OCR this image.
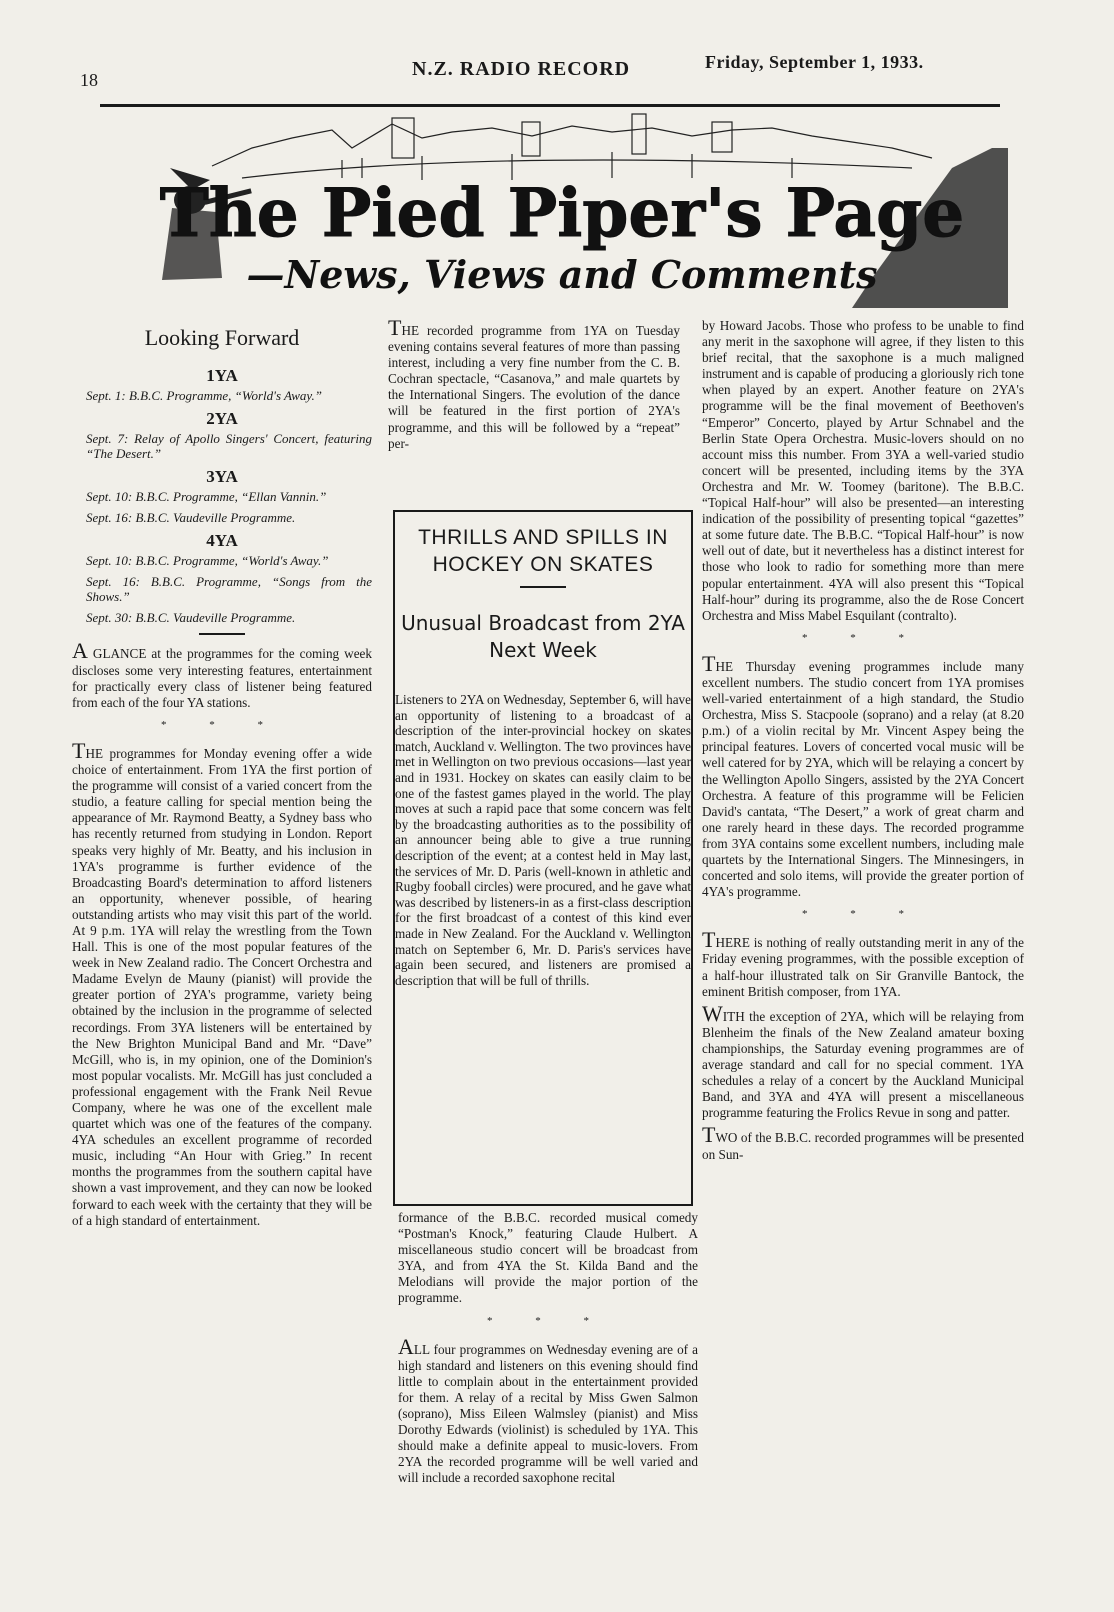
18	N.Z. RADIO RECORD	Friday, September 1, 1933.
The Pied Piper's Page
—News, Views and Comments
Looking Forward
1YA

Sept. 1: B.B.C. Programme, “World's Away.”

2YA

Sept. 7: Relay of Apollo Singers' Concert, featuring “The Desert.”

3YA

Sept. 10: B.B.C. Programme, “Ellan Vannin.”

Sept. 16: B.B.C. Vaudeville Programme.

4YA

Sept. 10: B.B.C. Programme, “World's Away.”

Sept. 16: B.B.C. Programme, “Songs from the Shows.”

Sept. 30: B.B.C. Vaudeville Programme.

A GLANCE at the programmes for the coming week discloses some very interesting features, entertainment for practically every class of listener being featured from each of the four YA stations.

* * *

THE programmes for Monday evening offer a wide choice of entertainment. From 1YA the first portion of the programme will consist of a varied concert from the studio, a feature calling for special mention being the appearance of Mr. Raymond Beatty, a Sydney bass who has recently returned from studying in London. Report speaks very highly of Mr. Beatty, and his inclusion in 1YA's programme is further evidence of the Broadcasting Board's determination to afford listeners an opportunity, whenever possible, of hearing outstanding artists who may visit this part of the world. At 9 p.m. 1YA will relay the wrestling from the Town Hall. This is one of the most popular features of the week in New Zealand radio. The Concert Orchestra and Madame Evelyn de Mauny (pianist) will provide the greater portion of 2YA's programme, variety being obtained by the inclusion in the programme of selected recordings. From 3YA listeners will be entertained by the New Brighton Municipal Band and Mr. “Dave” McGill, who is, in my opinion, one of the Dominion's most popular vocalists. Mr. McGill has just concluded a professional engagement with the Frank Neil Revue Company, where he was one of the excellent male quartet which was one of the features of the company. 4YA schedules an excellent programme of recorded music, including “An Hour with Grieg.” In recent months the programmes from the southern capital have shown a vast improvement, and they can now be looked forward to each week with the certainty that they will be of a high standard of entertainment.

THE recorded programme from 1YA on Tuesday evening contains several features of more than passing interest, including a very fine number from the C. B. Cochran spectacle, “Casanova,” and male quartets by the International Singers. The evolution of the dance will be featured in the first portion of 2YA's programme, and this will be followed by a “repeat” per-

THRILLS AND SPILLS IN HOCKEY ON SKATES
Unusual Broadcast from 2YA Next Week

Listeners to 2YA on Wednesday, September 6, will have an opportunity of listening to a broadcast of a description of the inter-provincial hockey on skates match, Auckland v. Wellington. The two provinces have met in Wellington on two previous occasions—last year and in 1931. Hockey on skates can easily claim to be one of the fastest games played in the world. The play moves at such a rapid pace that some concern was felt by the broadcasting authorities as to the possibility of an announcer being able to give a true running description of the event; at a contest held in May last, the services of Mr. D. Paris (well-known in athletic and Rugby fooball circles) were procured, and he gave what was described by listeners-in as a first-class description for the first broadcast of a contest of this kind ever made in New Zealand. For the Auckland v. Wellington match on September 6, Mr. D. Paris's services have again been secured, and listeners are promised a description that will be full of thrills.

formance of the B.B.C. recorded musical comedy “Postman's Knock,” featuring Claude Hulbert. A miscellaneous studio concert will be broadcast from 3YA, and from 4YA the St. Kilda Band and the Melodians will provide the major portion of the programme.

* * *

ALL four programmes on Wednesday evening are of a high standard and listeners on this evening should find little to complain about in the entertainment provided for them. A relay of a recital by Miss Gwen Salmon (soprano), Miss Eileen Walmsley (pianist) and Miss Dorothy Edwards (violinist) is scheduled by 1YA. This should make a definite appeal to music-lovers. From 2YA the recorded programme will be well varied and will include a recorded saxophone recital

by Howard Jacobs. Those who profess to be unable to find any merit in the saxophone will agree, if they listen to this brief recital, that the saxophone is a much maligned instrument and is capable of producing a gloriously rich tone when played by an expert. Another feature on 2YA's programme will be the final movement of Beethoven's “Emperor” Concerto, played by Artur Schnabel and the Berlin State Opera Orchestra. Music-lovers should on no account miss this number. From 3YA a well-varied studio concert will be presented, including items by the 3YA Orchestra and Mr. W. Toomey (baritone). The B.B.C. “Topical Half-hour” will also be presented—an interesting indication of the possibility of presenting topical “gazettes” at some future date. The B.B.C. “Topical Half-hour” is now well out of date, but it nevertheless has a distinct interest for those who look to radio for something more than mere popular entertainment. 4YA will also present this “Topical Half-hour” during its programme, also the de Rose Concert Orchestra and Miss Mabel Esquilant (contralto).

* * *

THE Thursday evening programmes include many excellent numbers. The studio concert from 1YA promises well-varied entertainment of a high standard, the Studio Orchestra, Miss S. Stacpoole (soprano) and a relay (at 8.20 p.m.) of a violin recital by Mr. Vincent Aspey being the principal features. Lovers of concerted vocal music will be well catered for by 2YA, which will be relaying a concert by the Wellington Apollo Singers, assisted by the 2YA Concert Orchestra. A feature of this programme will be Felicien David's cantata, “The Desert,” a work of great charm and one rarely heard in these days. The recorded programme from 3YA contains some excellent numbers, including male quartets by the International Singers. The Minnesingers, in concerted and solo items, will provide the greater portion of 4YA's programme.

* * *

THERE is nothing of really outstanding merit in any of the Friday evening programmes, with the possible exception of a half-hour illustrated talk on Sir Granville Bantock, the eminent British composer, from 1YA.

WITH the exception of 2YA, which will be relaying from Blenheim the finals of the New Zealand amateur boxing championships, the Saturday evening programmes are of average standard and call for no special comment. 1YA schedules a relay of a concert by the Auckland Municipal Band, and 3YA and 4YA will present a miscellaneous programme featuring the Frolics Revue in song and patter.

TWO of the B.B.C. recorded programmes will be presented on Sun-
